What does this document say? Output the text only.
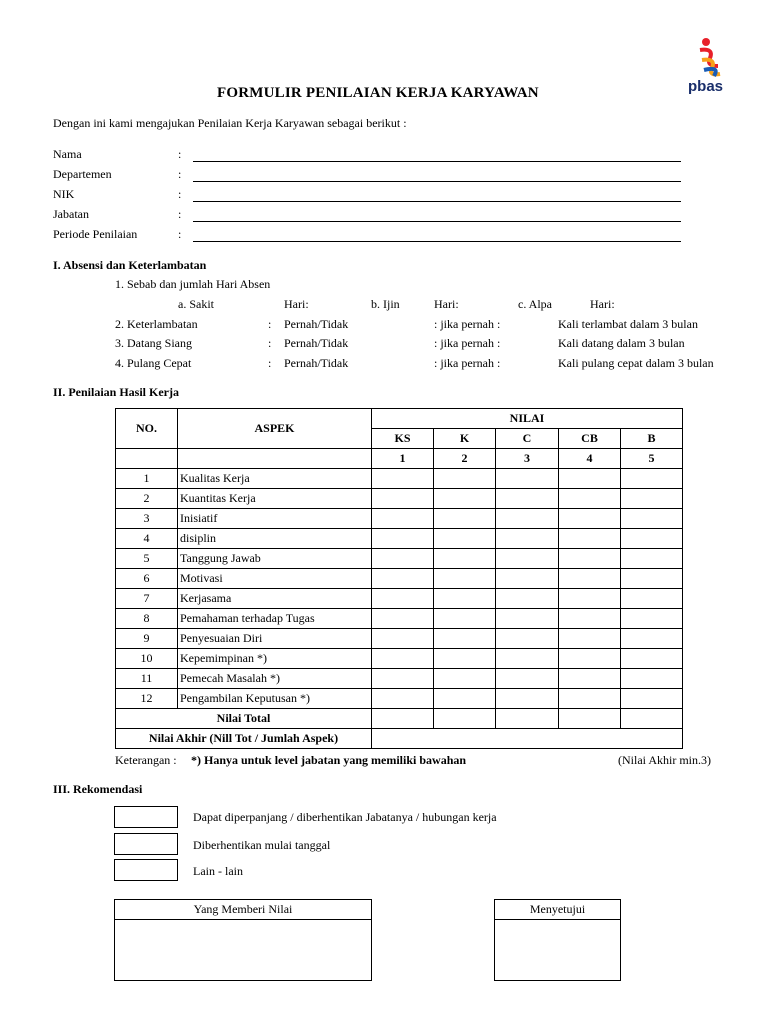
pbas
FORMULIR PENILAIAN KERJA KARYAWAN
Dengan ini kami mengajukan Penilaian Kerja Karyawan sebagai berikut :
Nama	:
Departemen	:
NIK	:
Jabatan	:
Periode Penilaian	:
I. Absensi dan Keterlambatan
1. Sebab dan jumlah Hari Absen
a. Sakit	Hari:	b. Ijin	Hari:	c. Alpa	Hari:
2. Keterlambatan	: Pernah/Tidak	: jika pernah :	Kali terlambat dalam 3 bulan
3. Datang Siang	: Pernah/Tidak	: jika pernah :	Kali datang dalam 3 bulan
4. Pulang Cepat	: Pernah/Tidak	: jika pernah :	Kali pulang cepat dalam 3 bulan
II. Penilaian Hasil Kerja
NO.	ASPEK	NILAI				
		KS	K	C	CB	B
		1	2	3	4	5
1	Kualitas Kerja					
2	Kuantitas Kerja					
3	Inisiatif					
4	disiplin					
5	Tanggung Jawab					
6	Motivasi					
7	Kerjasama					
8	Pemahaman terhadap Tugas					
9	Penyesuaian Diri					
10	Kepemimpinan *)					
11	Pemecah Masalah *)					
12	Pengambilan Keputusan *)					
Nilai Total						
Nilai Akhir (Nill Tot / Jumlah Aspek)						
Keterangan : *) Hanya untuk level jabatan yang memiliki bawahan	(Nilai Akhir min.3)
III. Rekomendasi
Dapat diperpanjang / diberhentikan Jabatanya / hubungan kerja
Diberhentikan mulai tanggal
Lain - lain
Yang Memberi Nilai	Menyetujui
